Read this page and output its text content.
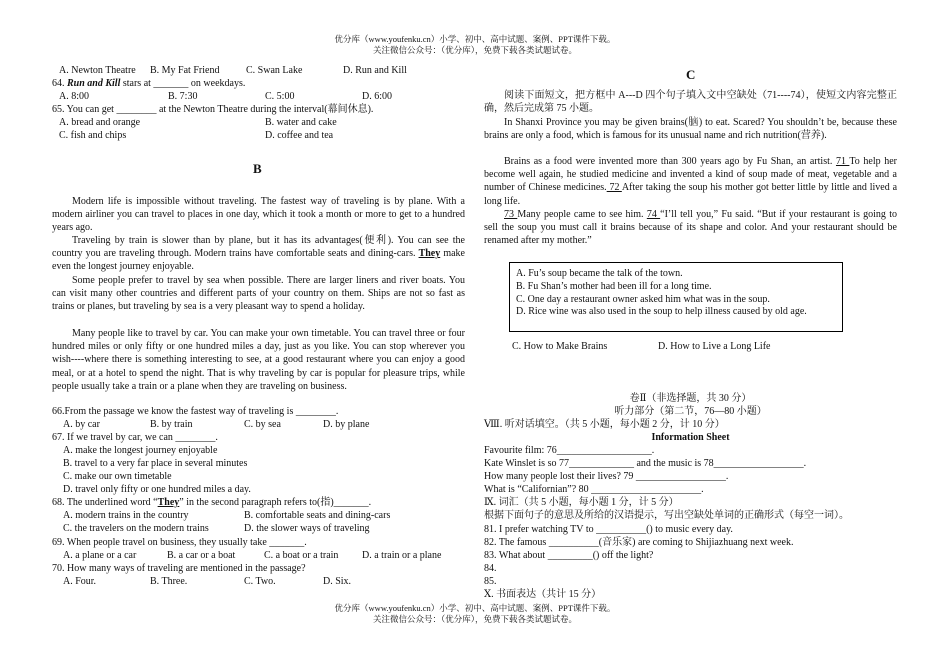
优分库（www.youfenku.cn）小学、初中、高中试题、案例、PPT课件下载。
关注微信公众号：（优分库），免费下载各类试题试卷。
A. Newton Theatre B. My Fat Friend	C. Swan Lake	D. Run and Kill
64. Run and Kill stars at _______ on weekdays.
A. 8:00	B. 7:30	C. 5:00	D. 6:00
65. You can get ________ at the Newton Theatre during the interval(幕间休息).
A. bread and orange	B. water and cake
C. fish and chips	D. coffee and tea
B
Modern life is impossible without traveling. The fastest way of traveling is by plane. With a modern airliner you can travel to places in one day, which it took a month or more to get to a hundred years ago.
Traveling by train is slower than by plane, but it has its advantages(便利). You can see the country you are traveling through. Modern trains have comfortable seats and dining-cars. They make even the longest journey enjoyable.
Some people prefer to travel by sea when possible. There are larger liners and river boats. You can visit many other countries and different parts of your country on them. Ships are not so fast as trains or planes, but traveling by sea is a very pleasant way to spend a holiday.
Many people like to travel by car. You can make your own timetable. You can travel three or four hundred miles or only fifty or one hundred miles a day, just as you like. You can stop wherever you wish----where there is something interesting to see, at a good restaurant where you can enjoy a good meal, or at a hotel to spend the night. That is why traveling by car is popular for pleasure trips, while people usually take a train or a plane when they are traveling on business.
66.From the passage we know the fastest way of traveling is ________.
A. by car	B. by train	C. by sea	D. by plane
67. If we travel by car, we can ________.
A. make the longest journey enjoyable
B. travel to a very far place in several minutes
C. make our own timetable
D. travel only fifty or one hundred miles a day.
68. The underlined word “They” in the second paragraph refers to(指)_______.
A. modern trains in the country	B. comfortable seats and dining-cars
C. the travelers on the modern trains	D. the slower ways of traveling
69. When people travel on business, they usually take _______.
A. a plane or a car	B. a car or a boat	C. a boat or a train D. a train or a plane
70. How many ways of traveling are mentioned in the passage?
A. Four.	B. Three.	C. Two.	D. Six.
C
阅读下面短文，把方框中 A---D 四个句子填入文中空缺处（71----74），使短文内容完整正确，然后完成第 75 小题。
In Shanxi Province you may be given brains(脑) to eat. Scared? You shouldn’t be, because these brains are only a food, which is famous for its unusual name and rich nutrition(营养).
Brains as a food were invented more than 300 years ago by Fu Shan, an artist. 71 To help her become well again, he studied medicine and invented a kind of soup made of meat, vegetable and a number of Chinese medicines. 72 After taking the soup his mother got better little by little and lived a long life.
73 Many people came to see him. 74 “I’ll tell you,” Fu said. “But if your restaurant is going to sell the soup you must call it brains because of its shape and color. And your restaurant should be renamed after my mother.”
C. How to Make Brains	D. How to Live a Long Life
A. Fu’s soup became the talk of the town.
B. Fu Shan’s mother had been ill for a long time.
C. One day a restaurant owner asked him what was in the soup.
D. Rice wine was also used in the soup to help illness caused by old age.
卷Ⅱ（非选择题，共 30 分）
听力部分（第二节，76—80 小题）
Ⅷ. 听对话填空。（共 5 小题，每小题 2 分，计 10 分）
Information Sheet
Favourite film: 76___________________.
Kate Winslet is so 77_____________ and the music is 78__________________.
How many people lost their lives? 79 __________________.
What is “Californian”? 80 ______________________.
Ⅸ. 词汇（共 5 小题，每小题 1 分，计 5 分）
根据下面句子的意思及所给的汉语提示，写出空缺处单词的正确形式（每空一词）。
81. I prefer watching TV to __________() to music every day.
82. The famous __________(音乐家) are coming to Shijiazhuang next week.
83. What about _________() off the light?
84.
85.
Ⅹ. 书面表达（共计 15 分）
优分库（www.youfenku.cn）小学、初中、高中试题、案例、PPT课件下载。
关注微信公众号：（优分库），免费下载各类试题试卷。
